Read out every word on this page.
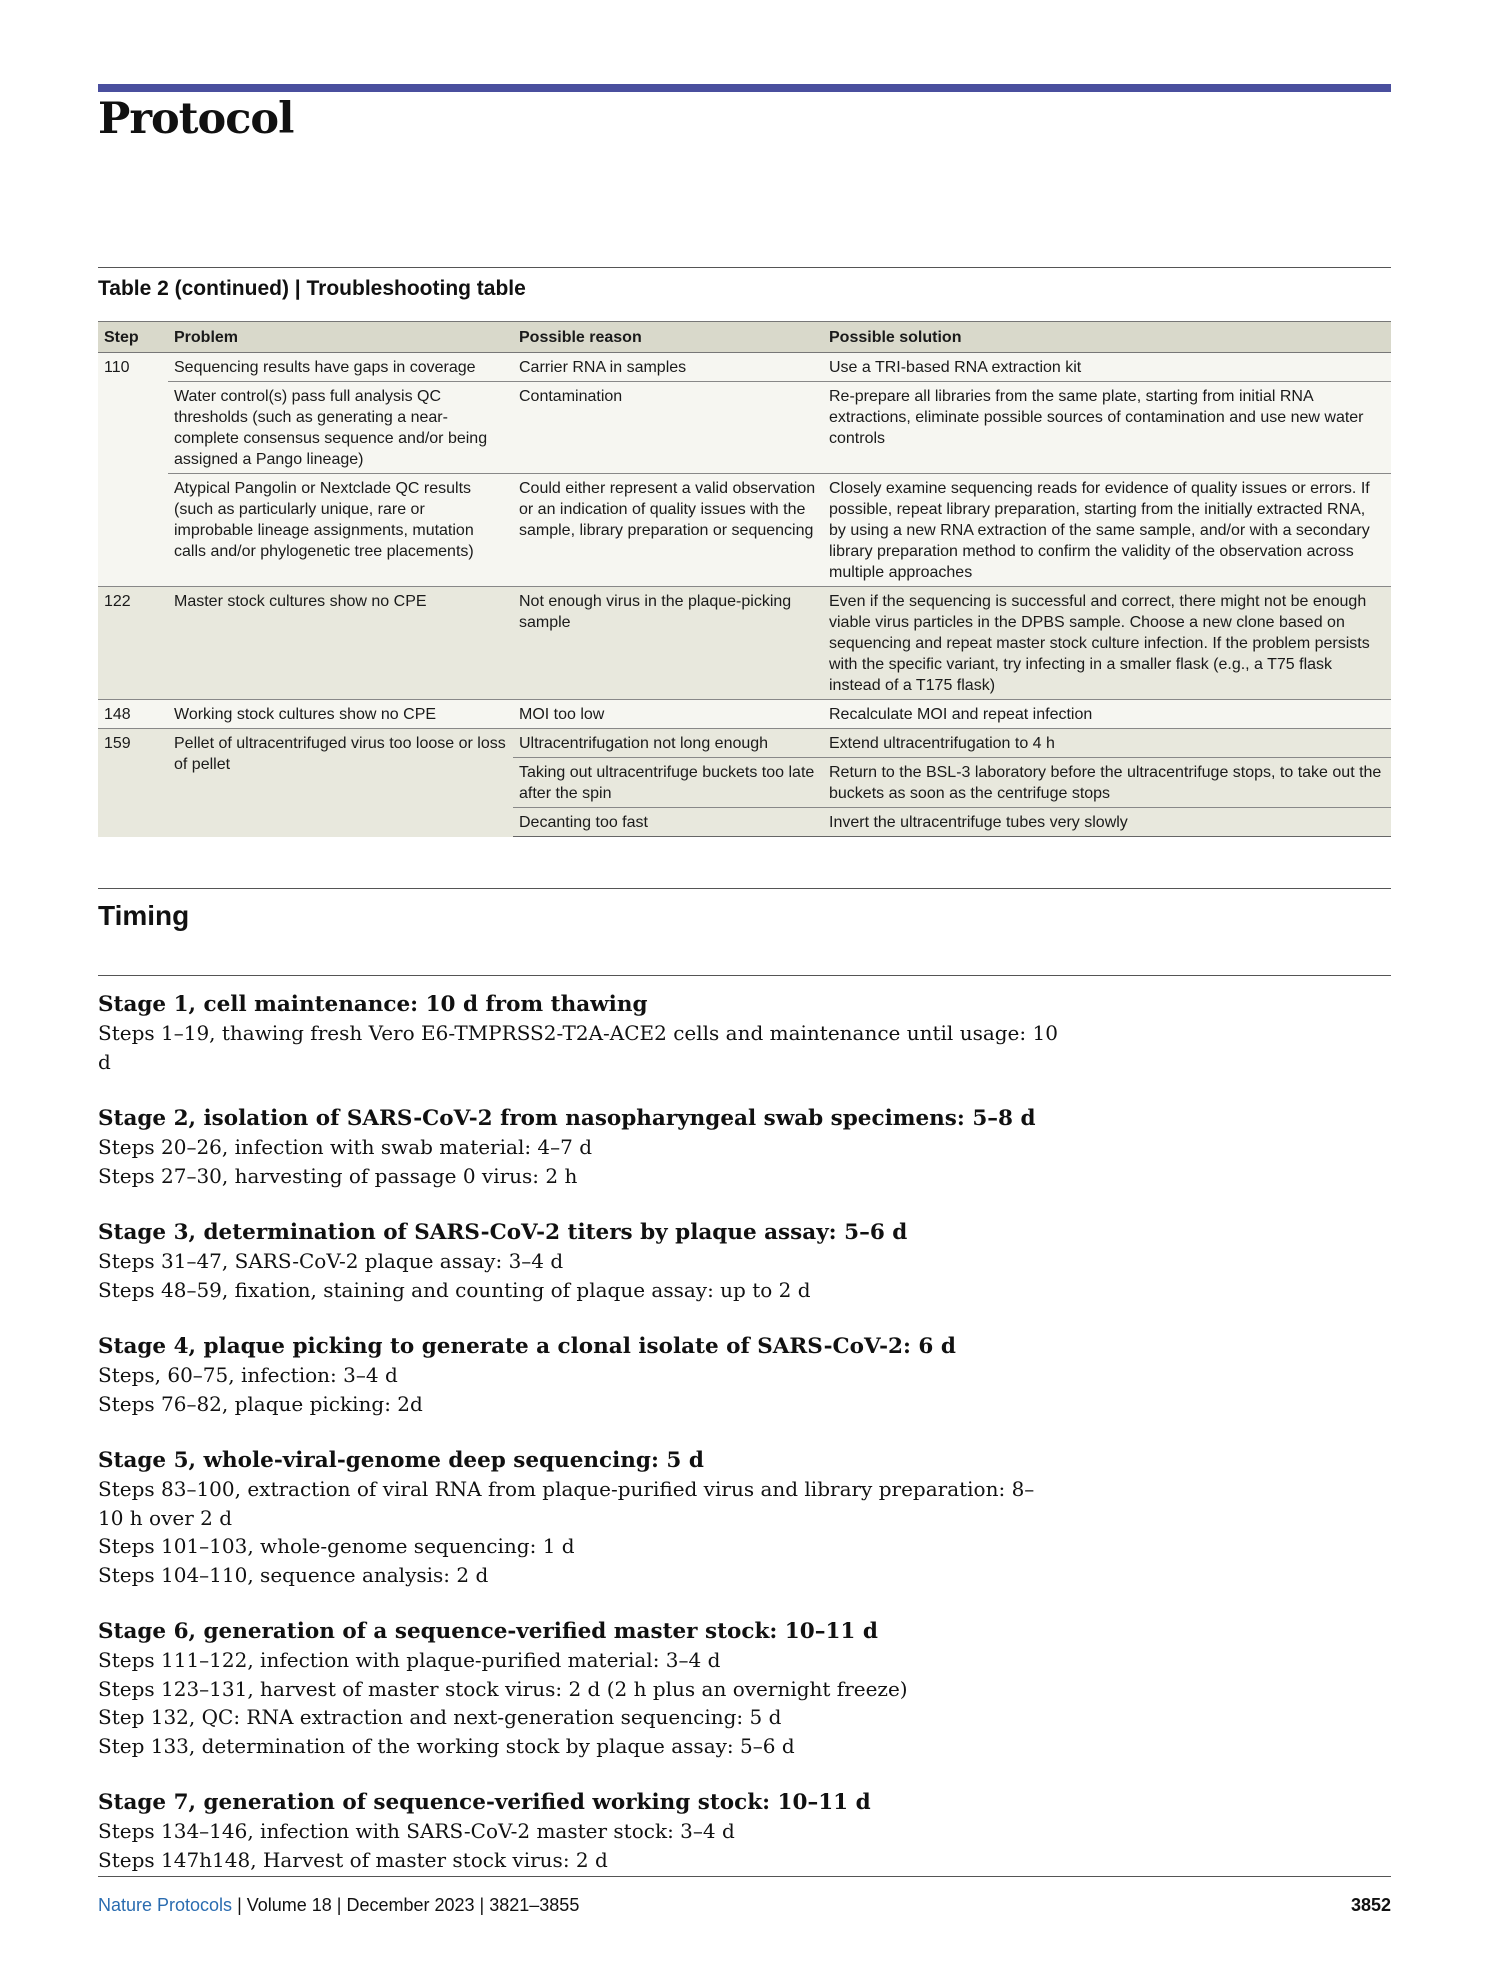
Protocol
Table 2 (continued) | Troubleshooting table
Step	Problem	Possible reason	Possible solution
110	Sequencing results have gaps in coverage	Carrier RNA in samples	Use a TRI-based RNA extraction kit
	Water control(s) pass full analysis QC thresholds (such as generating a near-complete consensus sequence and/or being assigned a Pango lineage)	Contamination	Re-prepare all libraries from the same plate, starting from initial RNA extractions, eliminate possible sources of contamination and use new water controls
	Atypical Pangolin or Nextclade QC results (such as particularly unique, rare or improbable lineage assignments, mutation calls and/or phylogenetic tree placements)	Could either represent a valid observation or an indication of quality issues with the sample, library preparation or sequencing	Closely examine sequencing reads for evidence of quality issues or errors. If possible, repeat library preparation, starting from the initially extracted RNA, by using a new RNA extraction of the same sample, and/or with a secondary library preparation method to confirm the validity of the observation across multiple approaches
122	Master stock cultures show no CPE	Not enough virus in the plaque-picking sample	Even if the sequencing is successful and correct, there might not be enough viable virus particles in the DPBS sample. Choose a new clone based on sequencing and repeat master stock culture infection. If the problem persists with the specific variant, try infecting in a smaller flask (e.g., a T75 flask instead of a T175 flask)
148	Working stock cultures show no CPE	MOI too low	Recalculate MOI and repeat infection
159	Pellet of ultracentrifuged virus too loose or loss of pellet	Ultracentrifugation not long enough	Extend ultracentrifugation to 4 h
		Taking out ultracentrifuge buckets too late after the spin	Return to the BSL-3 laboratory before the ultracentrifuge stops, to take out the buckets as soon as the centrifuge stops
		Decanting too fast	Invert the ultracentrifuge tubes very slowly
Timing

Stage 1, cell maintenance: 10 d from thawing

Steps 1–19, thawing fresh Vero E6-TMPRSS2-T2A-ACE2 cells and maintenance until usage: 10 d

Stage 2, isolation of SARS-CoV-2 from nasopharyngeal swab specimens: 5–8 d

Steps 20–26, infection with swab material: 4–7 d

Steps 27–30, harvesting of passage 0 virus: 2 h

Stage 3, determination of SARS-CoV-2 titers by plaque assay: 5–6 d

Steps 31–47, SARS-CoV-2 plaque assay: 3–4 d

Steps 48–59, fixation, staining and counting of plaque assay: up to 2 d

Stage 4, plaque picking to generate a clonal isolate of SARS-CoV-2: 6 d

Steps, 60–75, infection: 3–4 d

Steps 76–82, plaque picking: 2d

Stage 5, whole-viral-genome deep sequencing: 5 d

Steps 83–100, extraction of viral RNA from plaque-purified virus and library preparation: 8–10 h over 2 d

Steps 101–103, whole-genome sequencing: 1 d

Steps 104–110, sequence analysis: 2 d

Stage 6, generation of a sequence-verified master stock: 10–11 d

Steps 111–122, infection with plaque-purified material: 3–4 d

Steps 123–131, harvest of master stock virus: 2 d (2 h plus an overnight freeze)

Step 132, QC: RNA extraction and next-generation sequencing: 5 d

Step 133, determination of the working stock by plaque assay: 5–6 d

Stage 7, generation of sequence-verified working stock: 10–11 d

Steps 134–146, infection with SARS-CoV-2 master stock: 3–4 d

Steps 147h148, Harvest of master stock virus: 2 d

Nature Protocols | Volume 18 | December 2023 | 3821–3855	3852
